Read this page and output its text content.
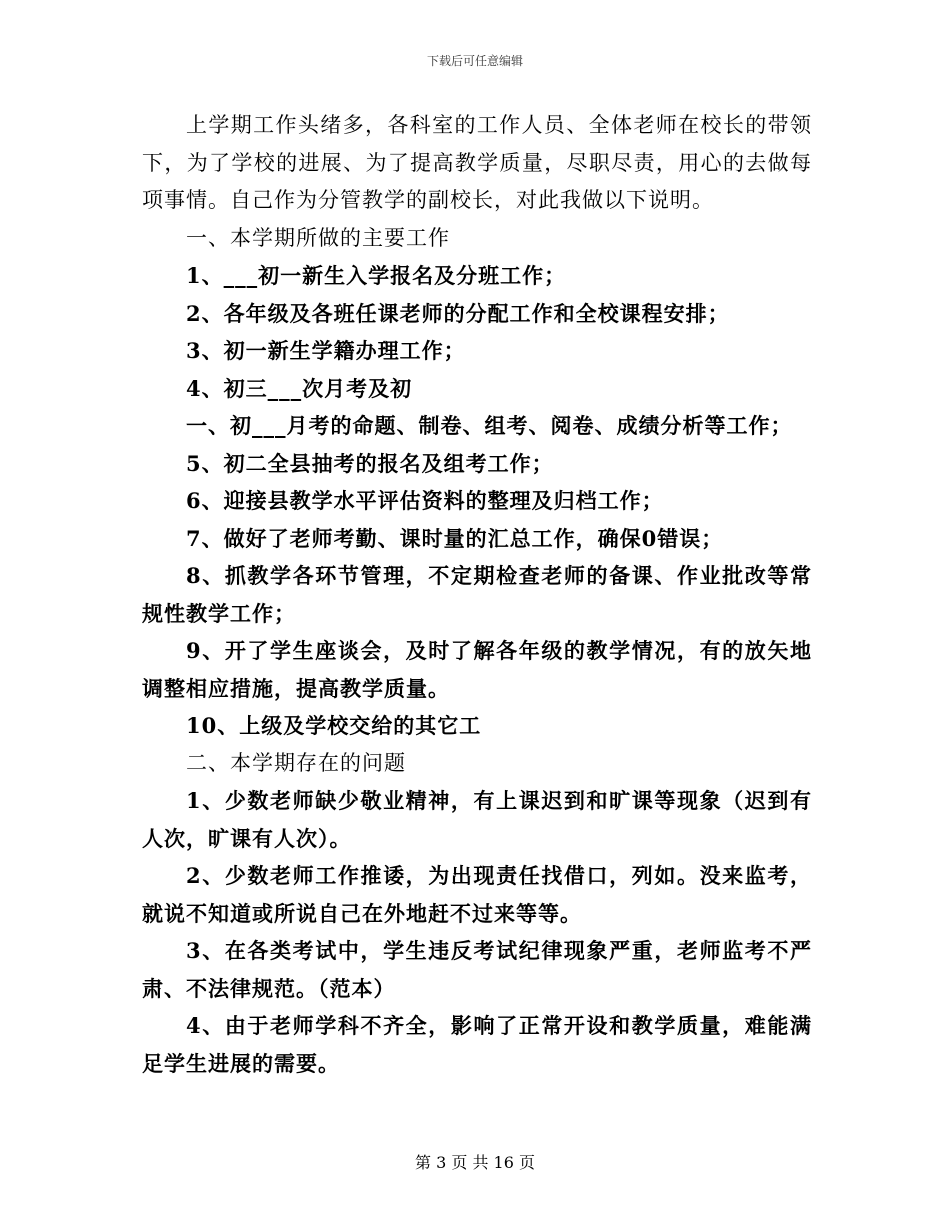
下载后可任意编辑

上学期工作头绪多，各科室的工作人员、全体老师在校长的带领下，为了学校的进展、为了提高教学质量，尽职尽责，用心的去做每项事情。自己作为分管教学的副校长，对此我做以下说明。

一、本学期所做的主要工作

1、___初一新生入学报名及分班工作；

2、各年级及各班任课老师的分配工作和全校课程安排；

3、初一新生学籍办理工作；

4、初三___次月考及初

一、初___月考的命题、制卷、组考、阅卷、成绩分析等工作；

5、初二全县抽考的报名及组考工作；

6、迎接县教学水平评估资料的整理及归档工作；

7、做好了老师考勤、课时量的汇总工作，确保0错误；

8、抓教学各环节管理，不定期检查老师的备课、作业批改等常规性教学工作；

9、开了学生座谈会，及时了解各年级的教学情况，有的放矢地调整相应措施，提高教学质量。

10、上级及学校交给的其它工

二、本学期存在的问题

1、少数老师缺少敬业精神，有上课迟到和旷课等现象（迟到有人次，旷课有人次）。

2、少数老师工作推诿，为出现责任找借口，列如。没来监考，就说不知道或所说自己在外地赶不过来等等。

3、在各类考试中，学生违反考试纪律现象严重，老师监考不严肃、不法律规范。（范本）

4、由于老师学科不齐全，影响了正常开设和教学质量，难能满足学生进展的需要。

第 3 页 共 16 页
